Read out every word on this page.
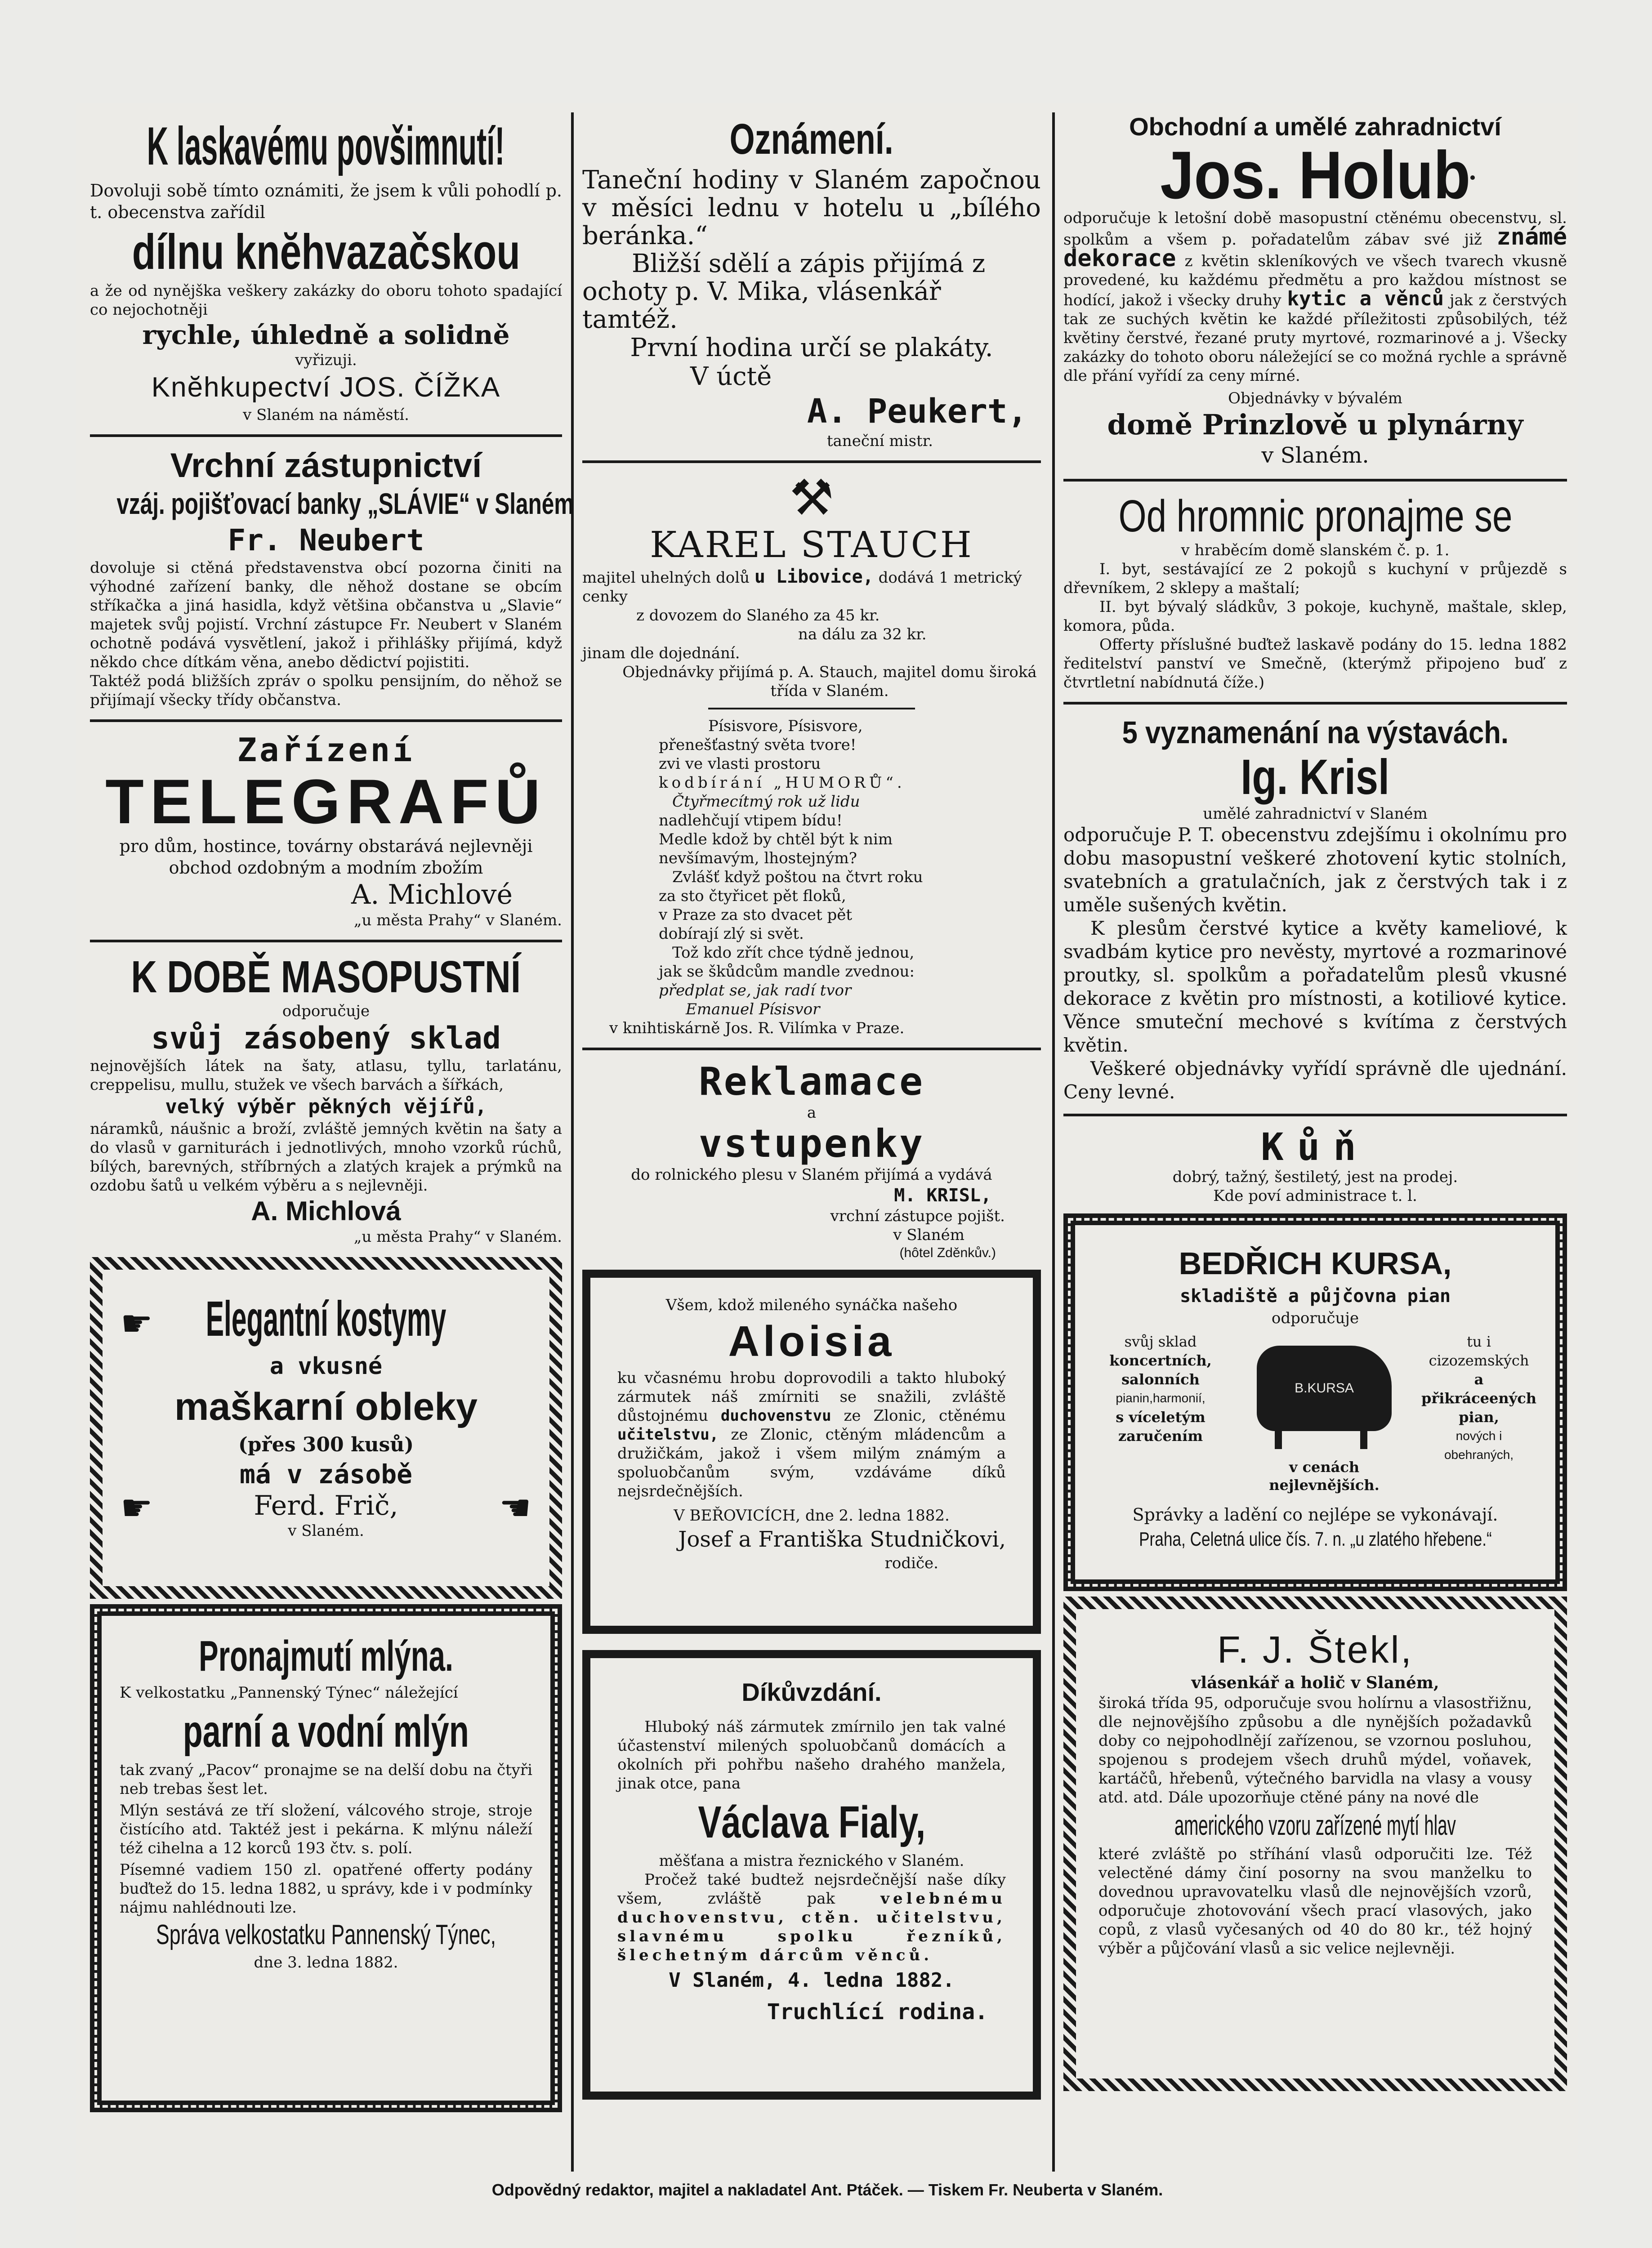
K laskavému povšimnutí!
Dovoluji sobě tímto oznámiti, že jsem k vůli pohodlí p. t. obecenstva zařídil
dílnu knĕhvazačskou
a že od nynějška veškery zakázky do oboru tohoto spadající co nejochotněji
rychle, úhledně a solidně
vyřizuji.
Knĕhkupectví JOS. ČÍŽKA
v Slaném na náměstí.
Vrchní zástupnictví
vzáj. pojišťovací banky „SLÁVIE“ v Slaném
Fr. Neubert
dovoluje si ctěná představenstva obcí pozorna činiti na výhodné zařízení banky, dle něhož dostane se obcím stříkačka a jiná hasidla, když většina občanstva u „Slavie“ majetek svůj pojistí. Vrchní zástupce Fr. Neubert v Slaném ochotně podává vysvětlení, jakož i přihlášky přijímá, když někdo chce dítkám věna, anebo dědictví pojistiti.
Taktéž podá bližších zpráv o spolku pensijním, do něhož se přijímají všecky třídy občanstva.
Zařízení
TELEGRAFŮ
pro dům, hostince, továrny obstarává nejlevněji obchod ozdobným a modním zbožím
A. Michlové
„u města Prahy“ v Slaném.
K DOBĚ MASOPUSTNÍ
odporučuje
svůj zásobený sklad
nejnovějších látek na šaty, atlasu, tyllu, tarlatánu, creppelisu, mullu, stužek ve všech barvách a šířkách,
velký výběr pěkných vějířů,
náramků, náušnic a broží, zvláště jemných květin na šaty a do vlasů v garniturách i jednotlivých, mnoho vzorků rúchů, bílých, barevných, stříbrných a zlatých krajek a prýmků na ozdobu šatů u velkém výběru a s nejlevněji.
A. Michlová
„u města Prahy“ v Slaném.
☛ Elegantní kostymy
a vkusné
maškarní obleky
(přes 300 kusů)
má v zásobě
☛	Ferd. Frič,	☛
v Slaném.
Pronajmutí mlýna.
K velkostatku „Pannenský Týnec“ náležející
parní a vodní mlýn
tak zvaný „Pacov“ pronajme se na delší dobu na čtyři neb trebas šest let.
Mlýn sestává ze tří složení, válcového stroje, stroje čistícího atd. Taktéž jest i pekárna. K mlýnu náleží též cihelna a 12 korců 193 čtv. s. polí.
Písemné vadiem 150 zl. opatřené offerty podány buďtež do 15. ledna 1882, u správy, kde i v podmínky nájmu nahlédnouti lze.
Správa velkostatku Pannenský Týnec,
dne 3. ledna 1882.
Oznámení.
Taneční hodiny v Slaném započnou v měsíci lednu v hotelu u „bílého beránka.“
Bližší sdělí a zápis přijímá z ochoty p. V. Mika, vlásenkář tamtéž.
První hodina určí se plakáty.
V úctě
A. Peukert,
taneční mistr.
⚒
KAREL STAUCH
majitel uhelných dolů u Libovice, dodává 1 metrický cenky
z dovozem do Slaného za 45 kr.
na dálu za 32 kr.
jinam dle dojednání.
Objednávky přijímá p. A. Stauch, majitel domu široká třída v Slaném.
Písisvore, Písisvore,
přenešťastný světa tvore!
zvi ve vlasti prostoru
kodbírání „HUMORŮ“.
Čtyřmecítmý rok už lidu
nadlehčují vtipem bídu!
Medle kdož by chtěl být k nim
nevšímavým, lhostejným?
Zvlášť když poštou na čtvrt roku
za sto čtyřicet pět floků,
v Praze za sto dvacet pět
dobírají zlý si svět.
Tož kdo zřít chce týdně jednou,
jak se škůdcům mandle zvednou:
předplat se, jak radí tvor
Emanuel Písisvor
v knihtiskárně Jos. R. Vilímka v Praze.
Reklamace
a
vstupenky
do rolnického plesu v Slaném přijímá a vydává
M. KRISL,
vrchní zástupce pojišt.
v Slaném
(hôtel Zděnkův.)
Všem, kdož mileného synáčka našeho
Aloisia
ku včasnému hrobu doprovodili a takto hluboký zármutek náš zmírniti se snažili, zvláště důstojnému duchovenstvu ze Zlonic, ctěnému učitelstvu, ze Zlonic, ctěným mládencům a družičkám, jakož i všem milým známým a spoluobčanům svým, vzdáváme díků nejsrdečnějších.
V BEŘOVICÍCH, dne 2. ledna 1882.
Josef a Františka Studničkovi,
rodiče.
Díkůvzdání.
Hluboký náš zármutek zmírnilo jen tak valné účastenství milených spoluobčanů domácích a okolních při pohřbu našeho drahého manžela, jinak otce, pana
Václava Fialy,
měšťana a mistra řeznického v Slaném.
Pročež také budtež nejsrdečnější naše díky všem, zvláště pak	velebnému duchovenstvu, ctěn. učitelstvu, slavnému spolku řezníků, šlechetným dárcům věnců.
V Slaném, 4. ledna 1882.
Truchlící rodina.
Obchodní a umělé zahradnictví
Jos. Holub
odporučuje k letošní době masopustní ctěnému obecenstvu, sl. spolkům a všem p. pořadatelům zábav své již známé dekorace z květin skleníkových ve všech tvarech vkusně provedené, ku každému předmětu a pro každou místnost se hodící, jakož i všecky druhy kytic a věnců jak z čerstvých tak ze suchých květin ke každé příležitosti způsobilých, též květiny čerstvé, řezané pruty myrtové, rozmarinové a j. Všecky zakázky do tohoto oboru náležející se co možná rychle a správně dle přání vyřídí za ceny mírné.
Objednávky v bývalém
domě Prinzlově u plynárny
v Slaném.
Od hromnic pronajme se
v hraběcím domě slanském č. p. 1.
I. byt, sestávající ze 2 pokojů s kuchyní v průjezdě s dřevníkem, 2 sklepy a maštalí;
II. byt bývalý sládkův, 3 pokoje, kuchyně, maštale, sklep, komora, půda.
Offerty příslušné buďtež laskavě podány do 15. ledna 1882 ředitelství panství ve Smečně, (kterýmž připojeno buď z čtvrtletní nabídnutá číže.)
5 vyznamenání na výstavách.
Ig. Krisl
umělé zahradnictví v Slaném
odporučuje P. T. obecenstvu zdejšímu i okolnímu pro dobu masopustní veškeré zhotovení kytic stolních, svatebních a gratulačních, jak z čerstvých tak i z uměle sušených květin.
K plesům čerstvé kytice a květy kameliové, k svadbám kytice pro nevěsty, myrtové a rozmarinové proutky, sl. spolkům a pořadatelům plesů vkusné dekorace z květin pro místnosti, a kotiliové kytice. Věnce smuteční mechové s kvítíma z čerstvých květin.
Veškeré objednávky vyřídí správně dle ujednání. Ceny levné.
Kůň
dobrý, tažný, šestiletý, jest na prodej.
Kde poví administrace t. l.
BEDŘICH KURSA,
skladiště a půjčovna pian
odporučuje
svůj sklad
koncertních, salonních
pianin,harmonií,
s víceletým zaručením
B.KURSA
v cenách nejlevnějších.
tu i cizozemských
a přikráceených pian,
nových i obehraných,
Správky a ladění co nejlépe se vykonávají.
Praha, Celetná ulice čís. 7. n. „u zlatého hřebene.“
F. J. Štekl,
vlásenkář a holič v Slaném,
široká třída 95, odporučuje svou holírnu a vlasostřižnu, dle nejnovějšího způsobu a dle nynějších požadavků doby co nejpohodlnějí zařízenou, se vzornou posluhou, spojenou s prodejem všech druhů mýdel, voňavek, kartáčů, hřebenů, výtečného barvidla na vlasy a vousy atd. atd. Dále upozorňuje ctěné pány na nové dle
amerického vzoru zařízené mytí hlav
které zvláště po stříhání vlasů odporučiti lze. Též velectěné dámy činí posorny na svou manželku to dovednou upravovatelku vlasů dle nejnovějších vzorů, odporučuje zhotovování všech prací vlasových, jako copů, z vlasů vyčesaných od 40 do 80 kr., též hojný výběr a půjčování vlasů a sic velice nejlevněji.
Odpovědný redaktor, majitel a nakladatel Ant. Ptáček. — Tiskem Fr. Neuberta v Slaném.
